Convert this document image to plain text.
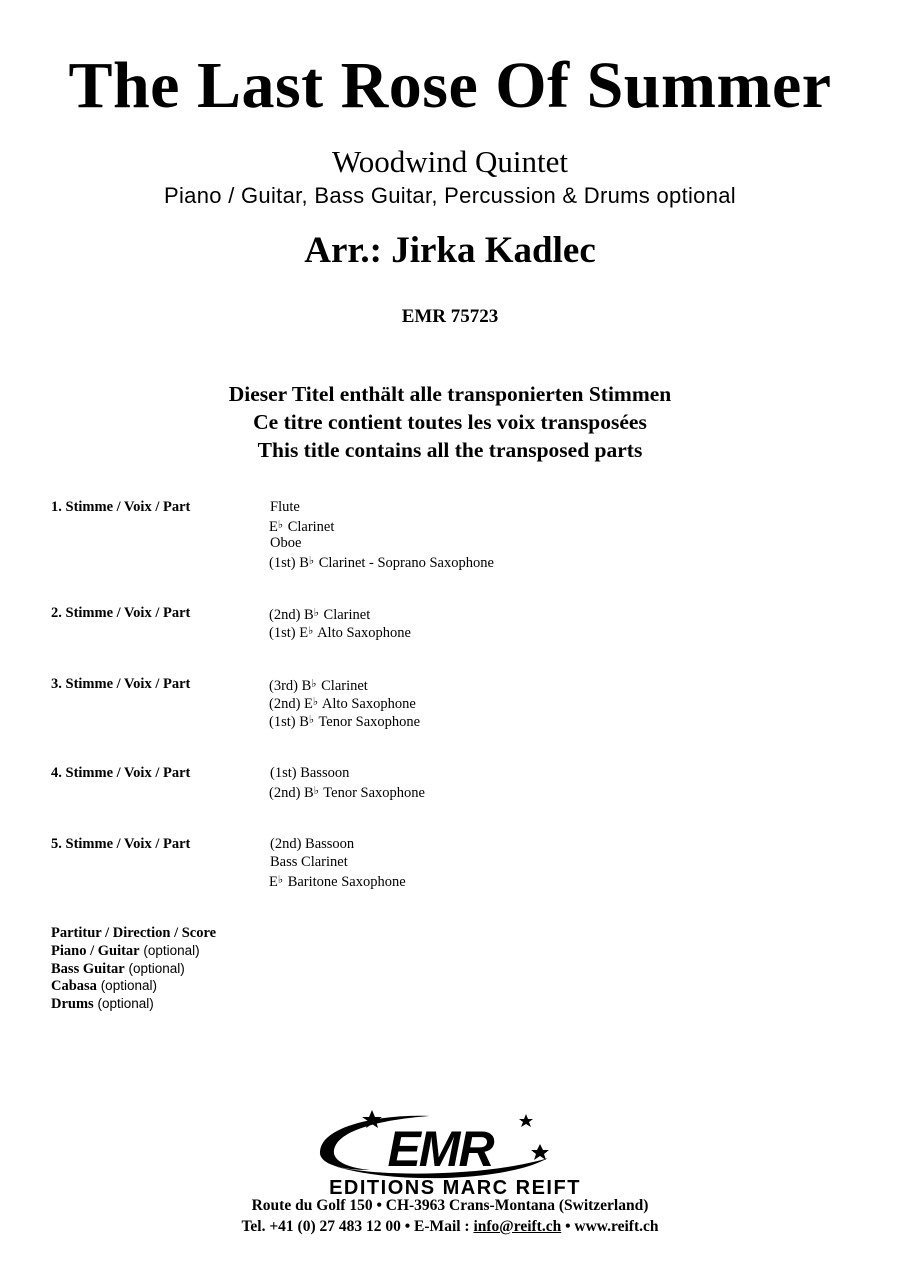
The Last Rose Of Summer
Woodwind Quintet
Piano / Guitar, Bass Guitar, Percussion & Drums optional
Arr.: Jirka Kadlec
EMR 75723
Dieser Titel enthält alle transponierten Stimmen
Ce titre contient toutes les voix transposées
This title contains all the transposed parts
1. Stimme / Voix / Part	Flute
E♭ Clarinet
Oboe
(1st) B♭ Clarinet - Soprano Saxophone
2. Stimme / Voix / Part	(2nd) B♭ Clarinet
(1st) E♭ Alto Saxophone
3. Stimme / Voix / Part	(3rd) B♭ Clarinet
(2nd) E♭ Alto Saxophone
(1st) B♭ Tenor Saxophone
4. Stimme / Voix / Part	(1st) Bassoon
(2nd) B♭ Tenor Saxophone
5. Stimme / Voix / Part	(2nd) Bassoon
Bass Clarinet
E♭ Baritone Saxophone
Partitur / Direction / Score
Piano / Guitar (optional)
Bass Guitar (optional)
Cabasa (optional)
Drums (optional)
EMR
EDITIONS MARC REIFT
Route du Golf 150 • CH-3963 Crans-Montana (Switzerland)
Tel. +41 (0) 27 483 12 00 • E-Mail : info@reift.ch • www.reift.ch
